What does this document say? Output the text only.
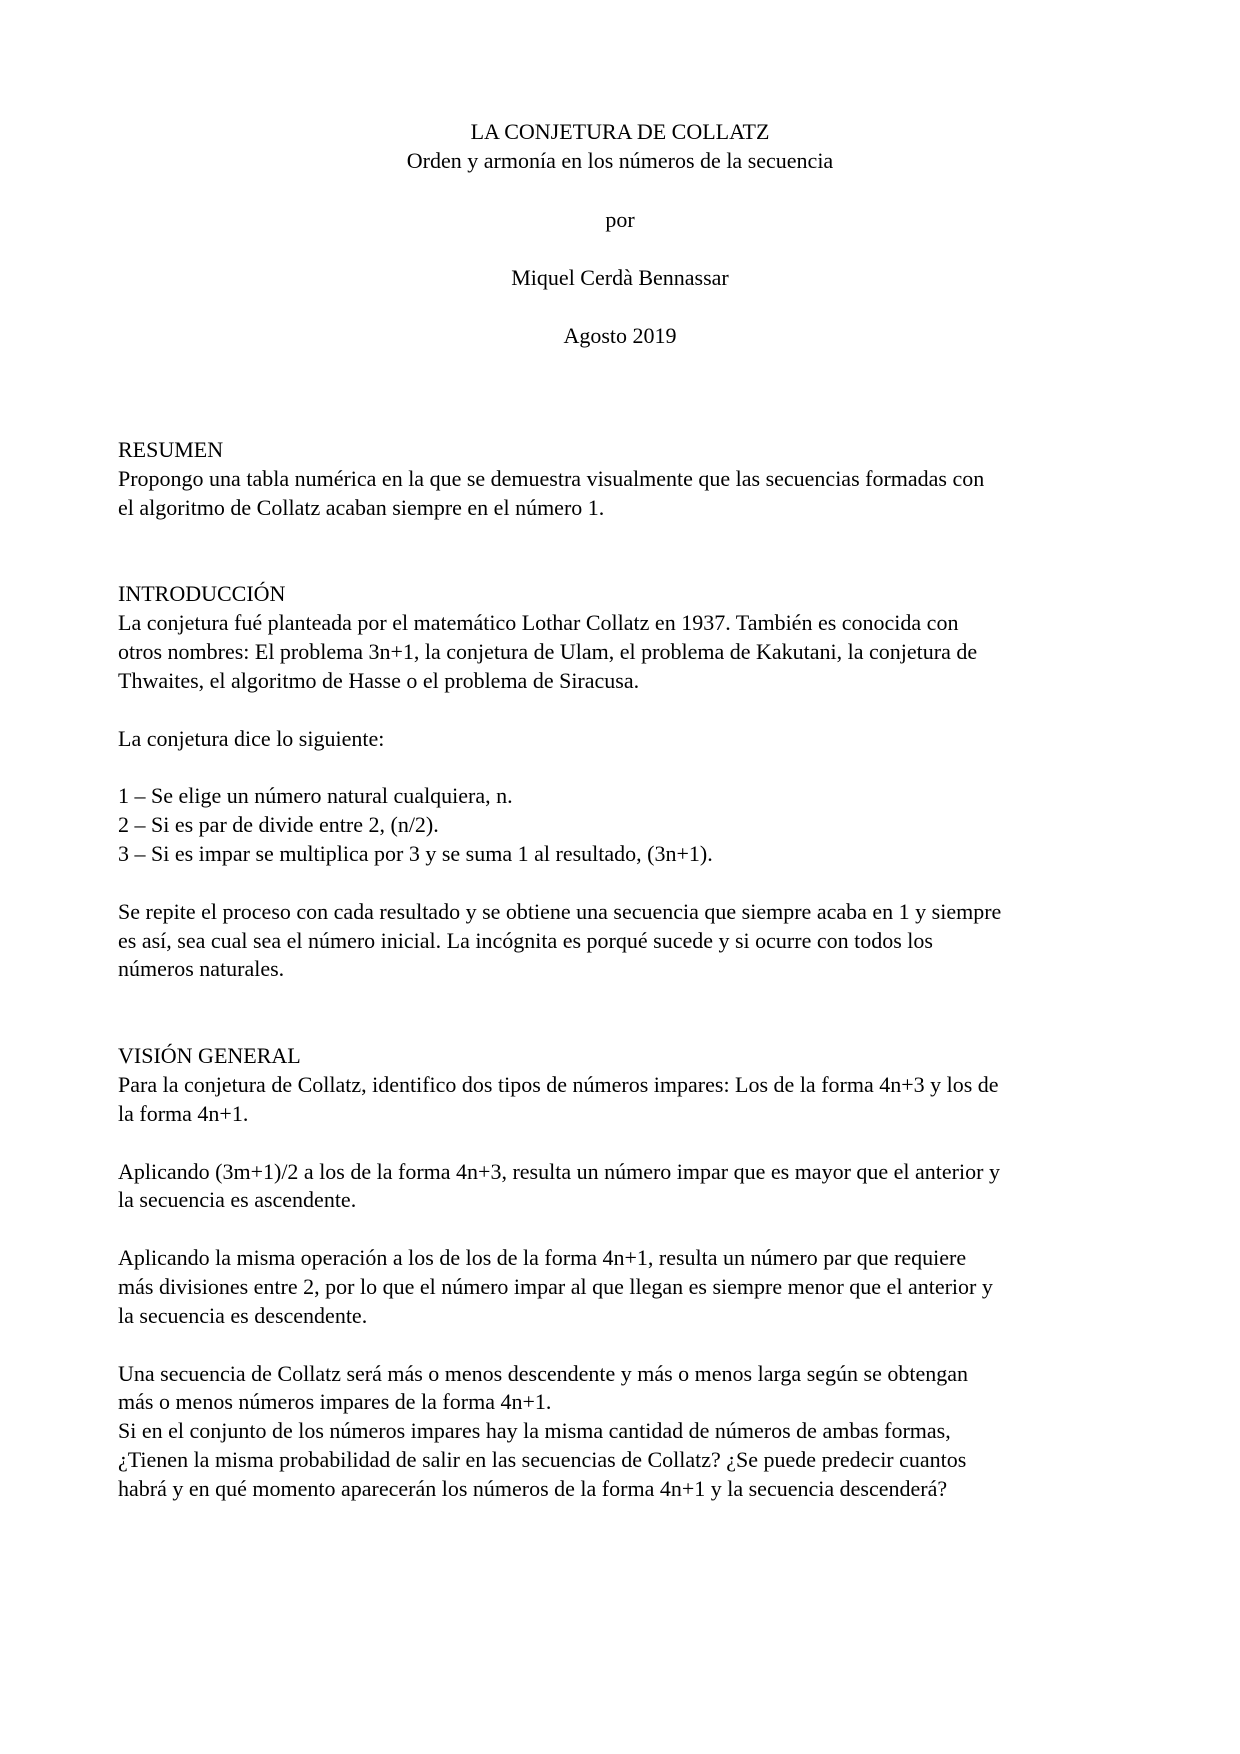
LA CONJETURA DE COLLATZ
Orden y armonía en los números de la secuencia
por
Miquel Cerdà Bennassar
Agosto 2019

RESUMEN

Propongo una tabla numérica en la que se demuestra visualmente que las secuencias formadas con
el algoritmo de Collatz acaban siempre en el número 1.

INTRODUCCIÓN

La conjetura fué planteada por el matemático Lothar Collatz en 1937. También es conocida con
otros nombres: El problema 3n+1, la conjetura de Ulam, el problema de Kakutani, la conjetura de
Thwaites, el algoritmo de Hasse o el problema de Siracusa.

La conjetura dice lo siguiente:

1 – Se elige un número natural cualquiera, n.
2 – Si es par de divide entre 2, (n/2).
3 – Si es impar se multiplica por 3 y se suma 1 al resultado, (3n+1).

Se repite el proceso con cada resultado y se obtiene una secuencia que siempre acaba en 1 y siempre
es así, sea cual sea el número inicial. La incógnita es porqué sucede y si ocurre con todos los
números naturales.

VISIÓN GENERAL

Para la conjetura de Collatz, identifico dos tipos de números impares: Los de la forma 4n+3 y los de
la forma 4n+1.

Aplicando (3m+1)/2 a los de la forma 4n+3, resulta un número impar que es mayor que el anterior y
la secuencia es ascendente.

Aplicando la misma operación a los de los de la forma 4n+1, resulta un número par que requiere
más divisiones entre 2, por lo que el número impar al que llegan es siempre menor que el anterior y
la secuencia es descendente.

Una secuencia de Collatz será más o menos descendente y más o menos larga según se obtengan
más o menos números impares de la forma 4n+1.
Si en el conjunto de los números impares hay la misma cantidad de números de ambas formas,
¿Tienen la misma probabilidad de salir en las secuencias de Collatz? ¿Se puede predecir cuantos
habrá y en qué momento aparecerán los números de la forma 4n+1 y la secuencia descenderá?
